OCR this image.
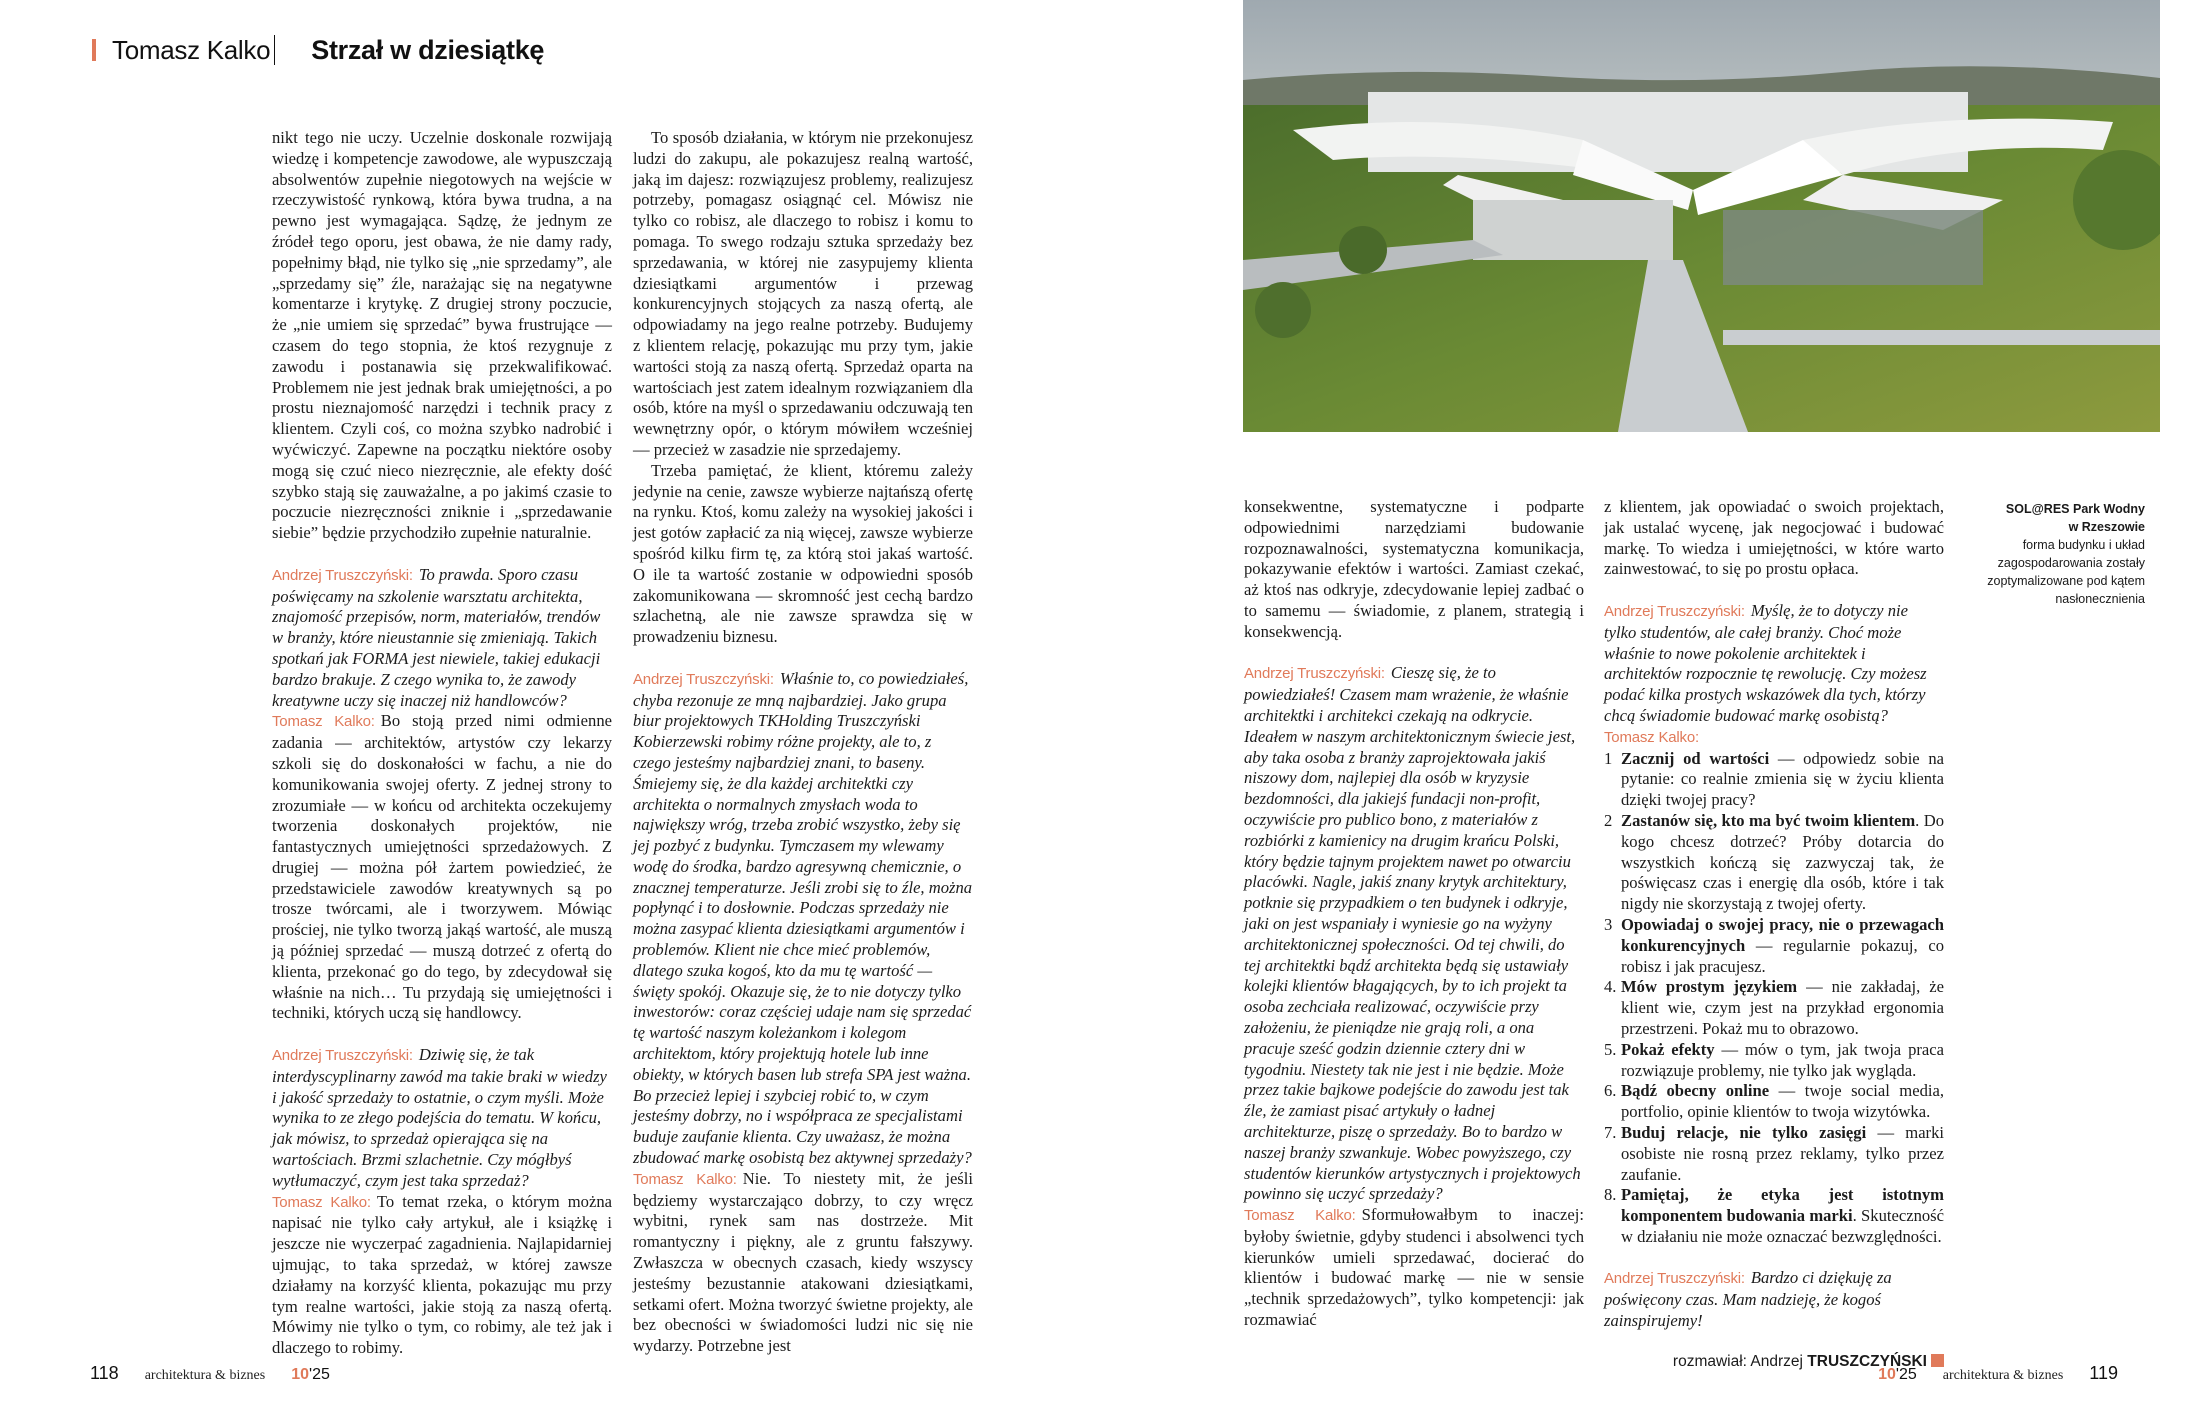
Tomasz Kalko Strzał w dziesiątkę

nikt tego nie uczy. Uczelnie doskonale rozwijają wiedzę i kompetencje zawodowe, ale wypuszczają absolwentów zupełnie niegotowych na wejście w rzeczywistość rynkową, która bywa trudna, a na pewno jest wymagająca. Sądzę, że jednym ze źródeł tego oporu, jest obawa, że nie damy rady, popełnimy błąd, nie tylko się „nie sprzedamy”, ale „sprzedamy się” źle, narażając się na negatywne komentarze i krytykę. Z drugiej strony poczucie, że „nie umiem się sprzedać” bywa frustrujące — czasem do tego stopnia, że ktoś rezygnuje z zawodu i postanawia się przekwalifikować. Problemem nie jest jednak brak umiejętności, a po prostu nieznajomość narzędzi i technik pracy z klientem. Czyli coś, co można szybko nadrobić i wyćwiczyć. Zapewne na początku niektóre osoby mogą się czuć nieco niezręcznie, ale efekty dość szybko stają się zauważalne, a po jakimś czasie to poczucie niezręczności zniknie i „sprzedawanie siebie” będzie przychodziło zupełnie naturalnie.

Andrzej Truszczyński: To prawda. Sporo czasu poświęcamy na szkolenie warsztatu architekta, znajomość przepisów, norm, materiałów, trendów w branży, które nieustannie się zmieniają. Takich spotkań jak FORMA jest niewiele, takiej edukacji bardzo brakuje. Z czego wynika to, że zawody kreatywne uczy się inaczej niż handlowców?

Tomasz Kalko: Bo stoją przed nimi odmienne zadania — architektów, artystów czy lekarzy szkoli się do doskonałości w fachu, a nie do komunikowania swojej oferty. Z jednej strony to zrozumiałe — w końcu od architekta oczekujemy tworzenia doskonałych projektów, nie fantastycznych umiejętności sprzedażowych. Z drugiej — można pół żartem powiedzieć, że przedstawiciele zawodów kreatywnych są po trosze twórcami, ale i tworzywem. Mówiąc prościej, nie tylko tworzą jakąś wartość, ale muszą ją później sprzedać — muszą dotrzeć z ofertą do klienta, przekonać go do tego, by zdecydował się właśnie na nich… Tu przydają się umiejętności i techniki, których uczą się handlowcy.

Andrzej Truszczyński: Dziwię się, że tak interdyscyplinarny zawód ma takie braki w wiedzy i jakość sprzedaży to ostatnie, o czym myśli. Może wynika to ze złego podejścia do tematu. W końcu, jak mówisz, to sprzedaż opierająca się na wartościach. Brzmi szlachetnie. Czy mógłbyś wytłumaczyć, czym jest taka sprzedaż?

Tomasz Kalko: To temat rzeka, o którym można napisać nie tylko cały artykuł, ale i książkę i jeszcze nie wyczerpać zagadnienia. Najlapidarniej ujmując, to taka sprzedaż, w której zawsze działamy na korzyść klienta, pokazując mu przy tym realne wartości, jakie stoją za naszą ofertą. Mówimy nie tylko o tym, co robimy, ale też jak i dlaczego to robimy.

To sposób działania, w którym nie przekonujesz ludzi do zakupu, ale pokazujesz realną wartość, jaką im dajesz: rozwiązujesz problemy, realizujesz potrzeby, pomagasz osiągnąć cel. Mówisz nie tylko co robisz, ale dlaczego to robisz i komu to pomaga. To swego rodzaju sztuka sprzedaży bez sprzedawania, w której nie zasypujemy klienta dziesiątkami argumentów i przewag konkurencyjnych stojących za naszą ofertą, ale odpowiadamy na jego realne potrzeby. Budujemy z klientem relację, pokazując mu przy tym, jakie wartości stoją za naszą ofertą. Sprzedaż oparta na wartościach jest zatem idealnym rozwiązaniem dla osób, które na myśl o sprzedawaniu odczuwają ten wewnętrzny opór, o którym mówiłem wcześniej — przecież w zasadzie nie sprzedajemy.

Trzeba pamiętać, że klient, któremu zależy jedynie na cenie, zawsze wybierze najtańszą ofertę na rynku. Ktoś, komu zależy na wysokiej jakości i jest gotów zapłacić za nią więcej, zawsze wybierze spośród kilku firm tę, za którą stoi jakaś wartość. O ile ta wartość zostanie w odpowiedni sposób zakomunikowana — skromność jest cechą bardzo szlachetną, ale nie zawsze sprawdza się w prowadzeniu biznesu.

Andrzej Truszczyński: Właśnie to, co powiedziałeś, chyba rezonuje ze mną najbardziej. Jako grupa biur projektowych TKHolding Truszczyński Kobierzewski robimy różne projekty, ale to, z czego jesteśmy najbardziej znani, to baseny. Śmiejemy się, że dla każdej architektki czy architekta o normalnych zmysłach woda to największy wróg, trzeba zrobić wszystko, żeby się jej pozbyć z budynku. Tymczasem my wlewamy wodę do środka, bardzo agresywną chemicznie, o znacznej temperaturze. Jeśli zrobi się to źle, można popłynąć i to dosłownie. Podczas sprzedaży nie można zasypać klienta dziesiątkami argumentów i problemów. Klient nie chce mieć problemów, dlatego szuka kogoś, kto da mu tę wartość — święty spokój. Okazuje się, że to nie dotyczy tylko inwestorów: coraz częściej udaje nam się sprzedać tę wartość naszym koleżankom i kolegom architektom, który projektują hotele lub inne obiekty, w których basen lub strefa SPA jest ważna. Bo przecież lepiej i szybciej robić to, w czym jesteśmy dobrzy, no i współpraca ze specjalistami buduje zaufanie klienta. Czy uważasz, że można zbudować markę osobistą bez aktywnej sprzedaży?

Tomasz Kalko: Nie. To niestety mit, że jeśli będziemy wystarczająco dobrzy, to czy wręcz wybitni, rynek sam nas dostrzeże. Mit romantyczny i piękny, ale z gruntu fałszywy. Zwłaszcza w obecnych czasach, kiedy wszyscy jesteśmy bezustannie atakowani dziesiątkami, setkami ofert. Można tworzyć świetne projekty, ale bez obecności w świadomości ludzi nic się nie wydarzy. Potrzebne jest

SOL@RES Park Wodny
w Rzeszowie
forma budynku i układ zagospodarowania zostały zoptymalizowane pod kątem nasłonecznienia

konsekwentne, systematyczne i podparte odpowiednimi narzędziami budowanie rozpoznawalności, systematyczna komunikacja, pokazywanie efektów i wartości. Zamiast czekać, aż ktoś nas odkryje, zdecydowanie lepiej zadbać o to samemu — świadomie, z planem, strategią i konsekwencją.

Andrzej Truszczyński: Cieszę się, że to powiedziałeś! Czasem mam wrażenie, że właśnie architektki i architekci czekają na odkrycie. Ideałem w naszym architektonicznym świecie jest, aby taka osoba z branży zaprojektowała jakiś niszowy dom, najlepiej dla osób w kryzysie bezdomności, dla jakiejś fundacji non-profit, oczywiście pro publico bono, z materiałów z rozbiórki z kamienicy na drugim krańcu Polski, który będzie tajnym projektem nawet po otwarciu placówki. Nagle, jakiś znany krytyk architektury, potknie się przypadkiem o ten budynek i odkryje, jaki on jest wspaniały i wyniesie go na wyżyny architektonicznej społeczności. Od tej chwili, do tej architektki bądź architekta będą się ustawiały kolejki klientów błagających, by to ich projekt ta osoba zechciała realizować, oczywiście przy założeniu, że pieniądze nie grają roli, a ona pracuje sześć godzin dziennie cztery dni w tygodniu. Niestety tak nie jest i nie będzie. Może przez takie bajkowe podejście do zawodu jest tak źle, że zamiast pisać artykuły o ładnej architekturze, piszę o sprzedaży. Bo to bardzo w naszej branży szwankuje. Wobec powyższego, czy studentów kierunków artystycznych i projektowych powinno się uczyć sprzedaży?

Tomasz Kalko: Sformułowałbym to inaczej: byłoby świetnie, gdyby studenci i absolwenci tych kierunków umieli sprzedawać, docierać do klientów i budować markę — nie w sensie „technik sprzedażowych”, tylko kompetencji: jak rozmawiać

z klientem, jak opowiadać o swoich projektach, jak ustalać wycenę, jak negocjować i budować markę. To wiedza i umiejętności, w które warto zainwestować, to się po prostu opłaca.

Andrzej Truszczyński: Myślę, że to dotyczy nie tylko studentów, ale całej branży. Choć może właśnie to nowe pokolenie architektek i architektów rozpocznie tę rewolucję. Czy możesz podać kilka prostych wskazówek dla tych, którzy chcą świadomie budować markę osobistą?

Tomasz Kalko:

1 Zacznij od wartości — odpowiedz sobie na pytanie: co realnie zmienia się w życiu klienta dzięki twojej pracy?
2 Zastanów się, kto ma być twoim klientem. Do kogo chcesz dotrzeć? Próby dotarcia do wszystkich kończą się zazwyczaj tak, że poświęcasz czas i energię dla osób, które i tak nigdy nie skorzystają z twojej oferty.
3 Opowiadaj o swojej pracy, nie o przewagach konkurencyjnych — regularnie pokazuj, co robisz i jak pracujesz.
4. Mów prostym językiem — nie zakładaj, że klient wie, czym jest na przykład ergonomia przestrzeni. Pokaż mu to obrazowo.
5. Pokaż efekty — mów o tym, jak twoja praca rozwiązuje problemy, nie tylko jak wygląda.
6. Bądź obecny online — twoje social media, portfolio, opinie klientów to twoja wizytówka.
7. Buduj relacje, nie tylko zasięgi — marki osobiste nie rosną przez reklamy, tylko przez zaufanie.
8. Pamiętaj, że etyka jest istotnym komponentem budowania marki. Skuteczność w działaniu nie może oznaczać bezwzględności.

Andrzej Truszczyński: Bardzo ci dziękuję za poświęcony czas. Mam nadzieję, że kogoś zainspirujemy!

rozmawiał: Andrzej TRUSZCZYŃSKI
118 architektura & biznes 10'25	10'25 architektura & biznes 119
